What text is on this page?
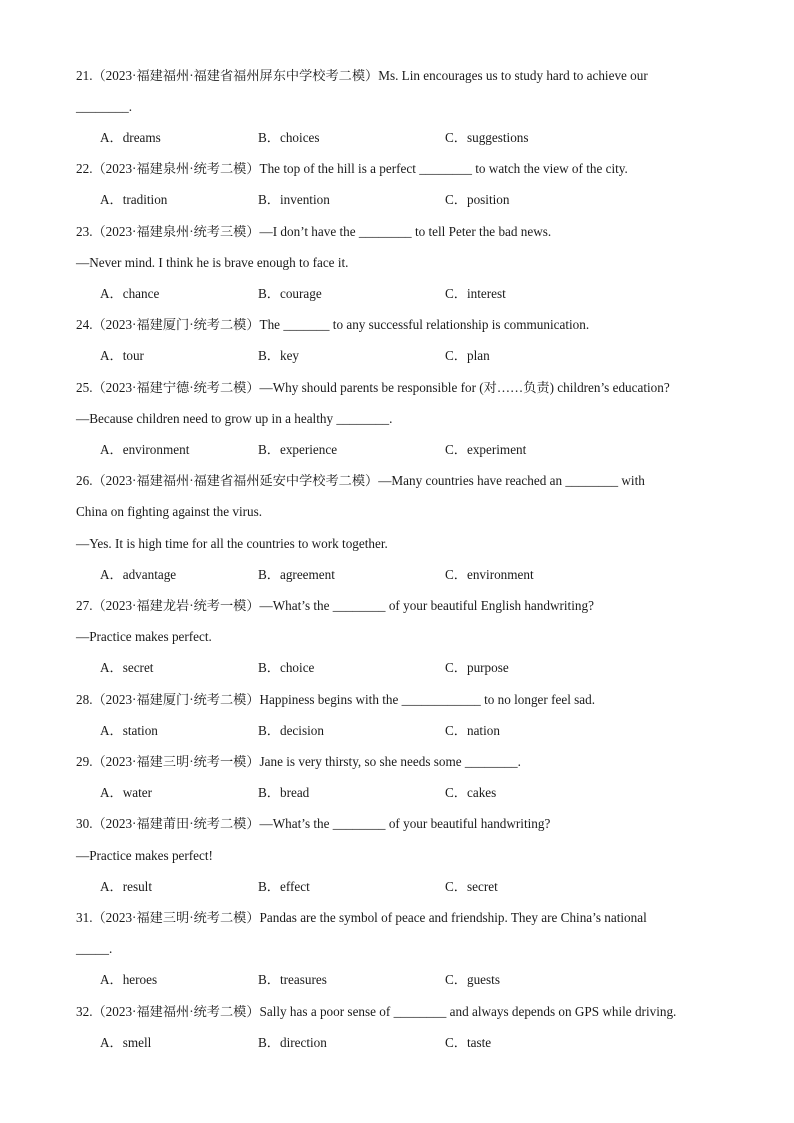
21.（2023·福建福州·福建省福州屏东中学校考二模）Ms. Lin encourages us to study hard to achieve our
________.
A．dreams	B．choices	C．suggestions
22.（2023·福建泉州·统考二模）The top of the hill is a perfect ________ to watch the view of the city.
A．tradition	B．invention	C．position
23.（2023·福建泉州·统考三模）—I don’t have the ________ to tell Peter the bad news.
—Never mind. I think he is brave enough to face it.
A．chance	B．courage	C．interest
24.（2023·福建厦门·统考二模）The _______ to any successful relationship is communication.
A．tour	B．key	C．plan
25.（2023·福建宁德·统考二模）—Why should parents be responsible for (对……负责) children’s education?
—Because children need to grow up in a healthy ________.
A．environment	B．experience	C．experiment
26.（2023·福建福州·福建省福州延安中学校考二模）—Many countries have reached an ________ with
China on fighting against the virus.
—Yes. It is high time for all the countries to work together.
A．advantage	B．agreement	C．environment
27.（2023·福建龙岩·统考一模）—What’s the ________ of your beautiful English handwriting?
—Practice makes perfect.
A．secret	B．choice	C．purpose
28.（2023·福建厦门·统考二模）Happiness begins with the ____________ to no longer feel sad.
A．station	B．decision	C．nation
29.（2023·福建三明·统考一模）Jane is very thirsty, so she needs some ________.
A．water	B．bread	C．cakes
30.（2023·福建莆田·统考二模）—What’s the ________ of your beautiful handwriting?
—Practice makes perfect!
A．result	B．effect	C．secret
31.（2023·福建三明·统考二模）Pandas are the symbol of peace and friendship. They are China’s national
_____.
A．heroes	B．treasures	C．guests
32.（2023·福建福州·统考二模）Sally has a poor sense of ________ and always depends on GPS while driving.
A．smell	B．direction	C．taste
